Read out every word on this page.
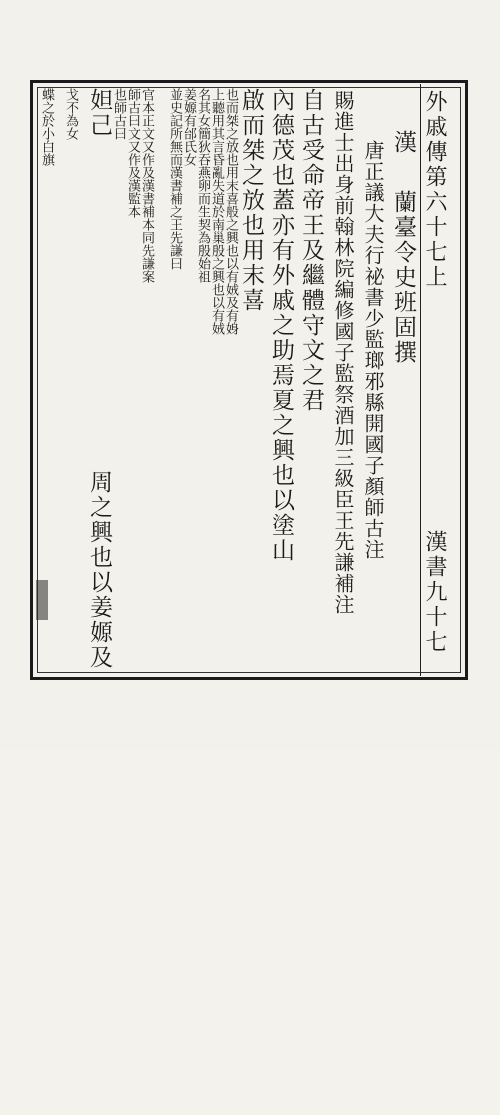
外戚傳第六十七上
漢書九十七
漢
蘭臺令史班固撰
唐正議大夫行祕書少監瑯邪縣開國子顏師古注
賜進士出身前翰林院編修國子監祭酒加三級臣王先謙補注
自古受命帝王及繼體守文之君
內德茂也蓋亦有外戚之助焉夏之興也以塗山
啟而桀之放也用末喜
也而桀之放也用末喜般之興也以有娀及有㛛
上聽用其言昏亂失道於南巢殷之興也以有娀
名其女簡狄吞燕卵而生契為殷始祖
姜嫄有邰氏女
並史記所無而漢書補之王先謙曰
官本正文又作及漢書補本同先謙案
師古曰文又作及漢監本
也師古曰
妲己
戈不為女
蝶之於小白旗
周之興也以姜嫄及
